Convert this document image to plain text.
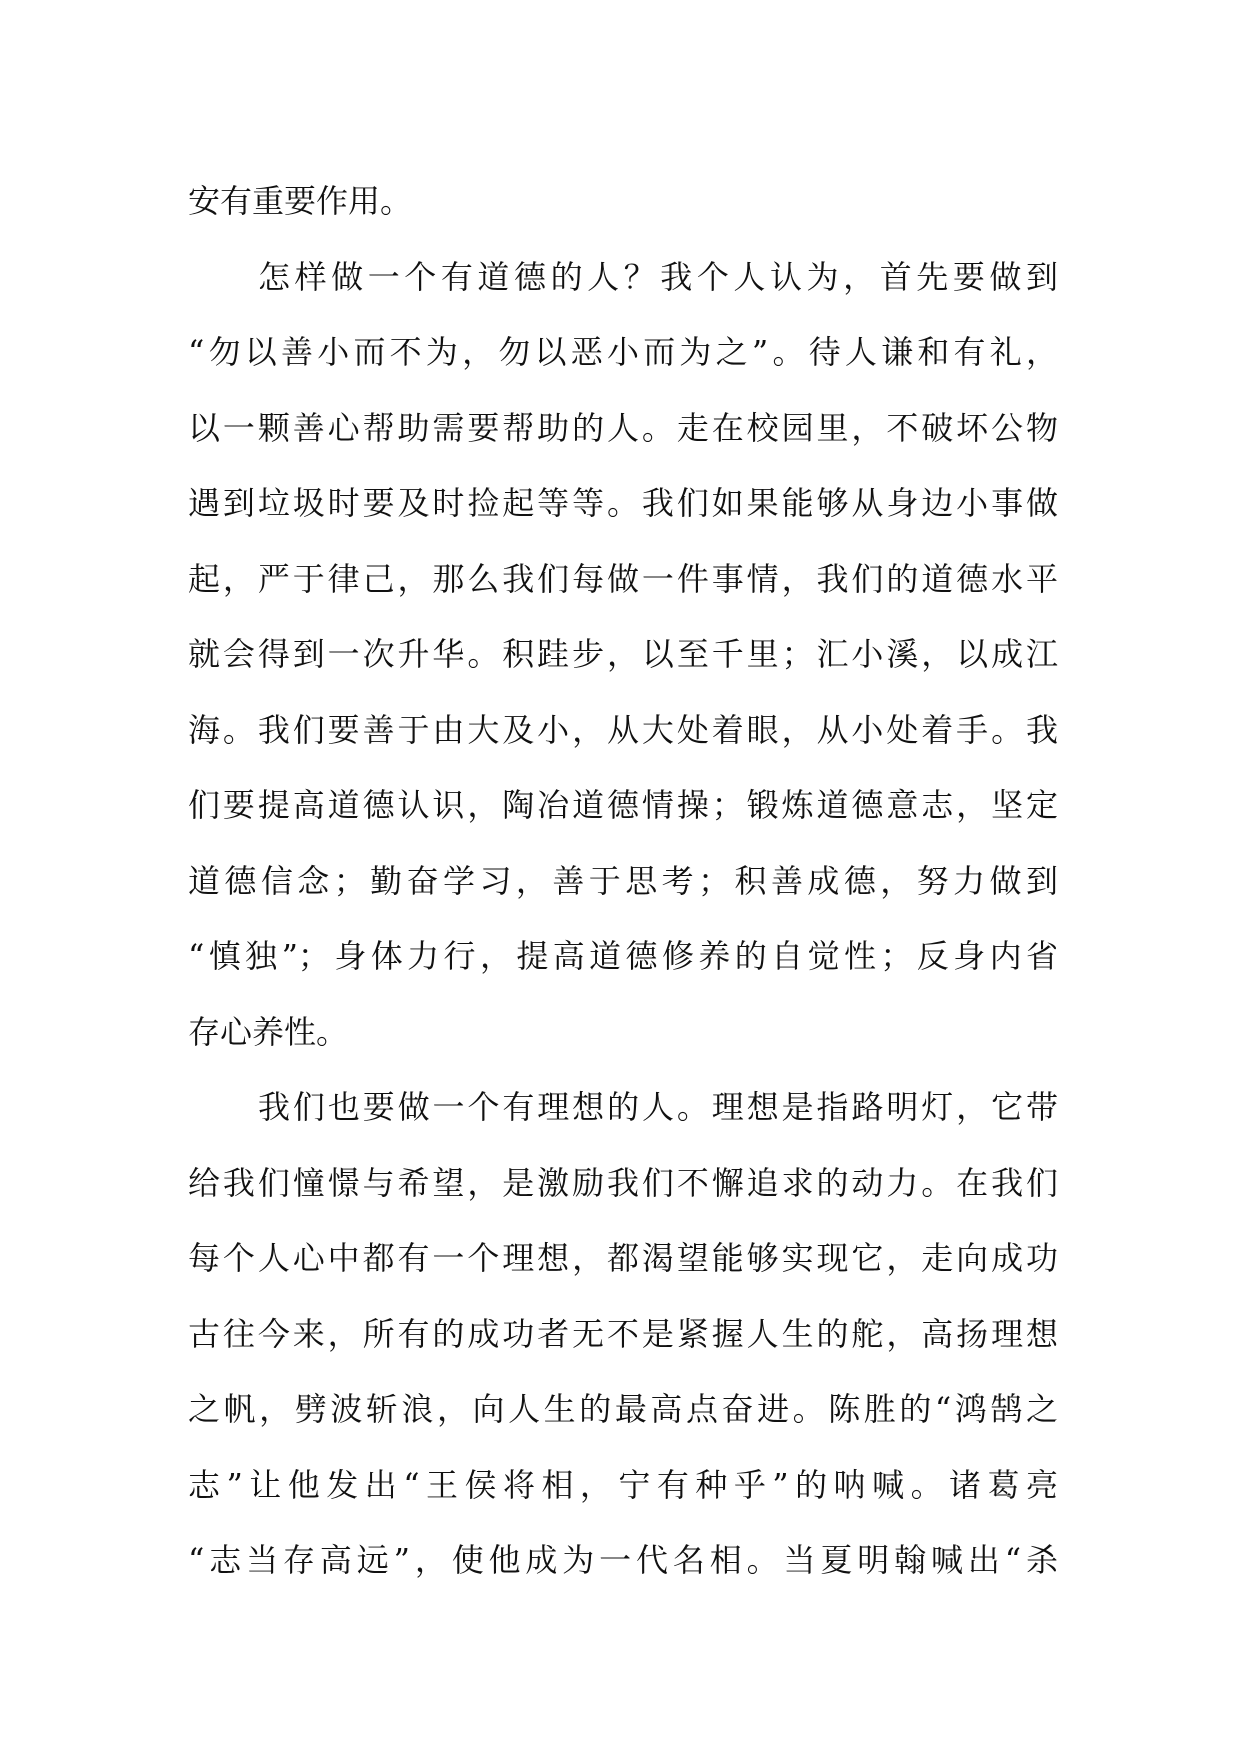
安有重要作用。
怎样做一个有道德的人？我个人认为，首先要做到
“勿以善小而不为，勿以恶小而为之”。待人谦和有礼，
以一颗善心帮助需要帮助的人。走在校园里，不破坏公物
遇到垃圾时要及时捡起等等。我们如果能够从身边小事做
起，严于律己，那么我们每做一件事情，我们的道德水平
就会得到一次升华。积跬步，以至千里；汇小溪，以成江
海。我们要善于由大及小，从大处着眼，从小处着手。我
们要提高道德认识，陶冶道德情操；锻炼道德意志，坚定
道德信念；勤奋学习，善于思考；积善成德，努力做到
“慎独”；身体力行，提高道德修养的自觉性；反身内省
存心养性。
我们也要做一个有理想的人。理想是指路明灯，它带
给我们憧憬与希望，是激励我们不懈追求的动力。在我们
每个人心中都有一个理想，都渴望能够实现它，走向成功
古往今来，所有的成功者无不是紧握人生的舵，高扬理想
之帆，劈波斩浪，向人生的最高点奋进。陈胜的“鸿鹄之
志”让他发出“王侯将相，宁有种乎”的呐喊。诸葛亮
“志当存高远”，使他成为一代名相。当夏明翰喊出“杀
